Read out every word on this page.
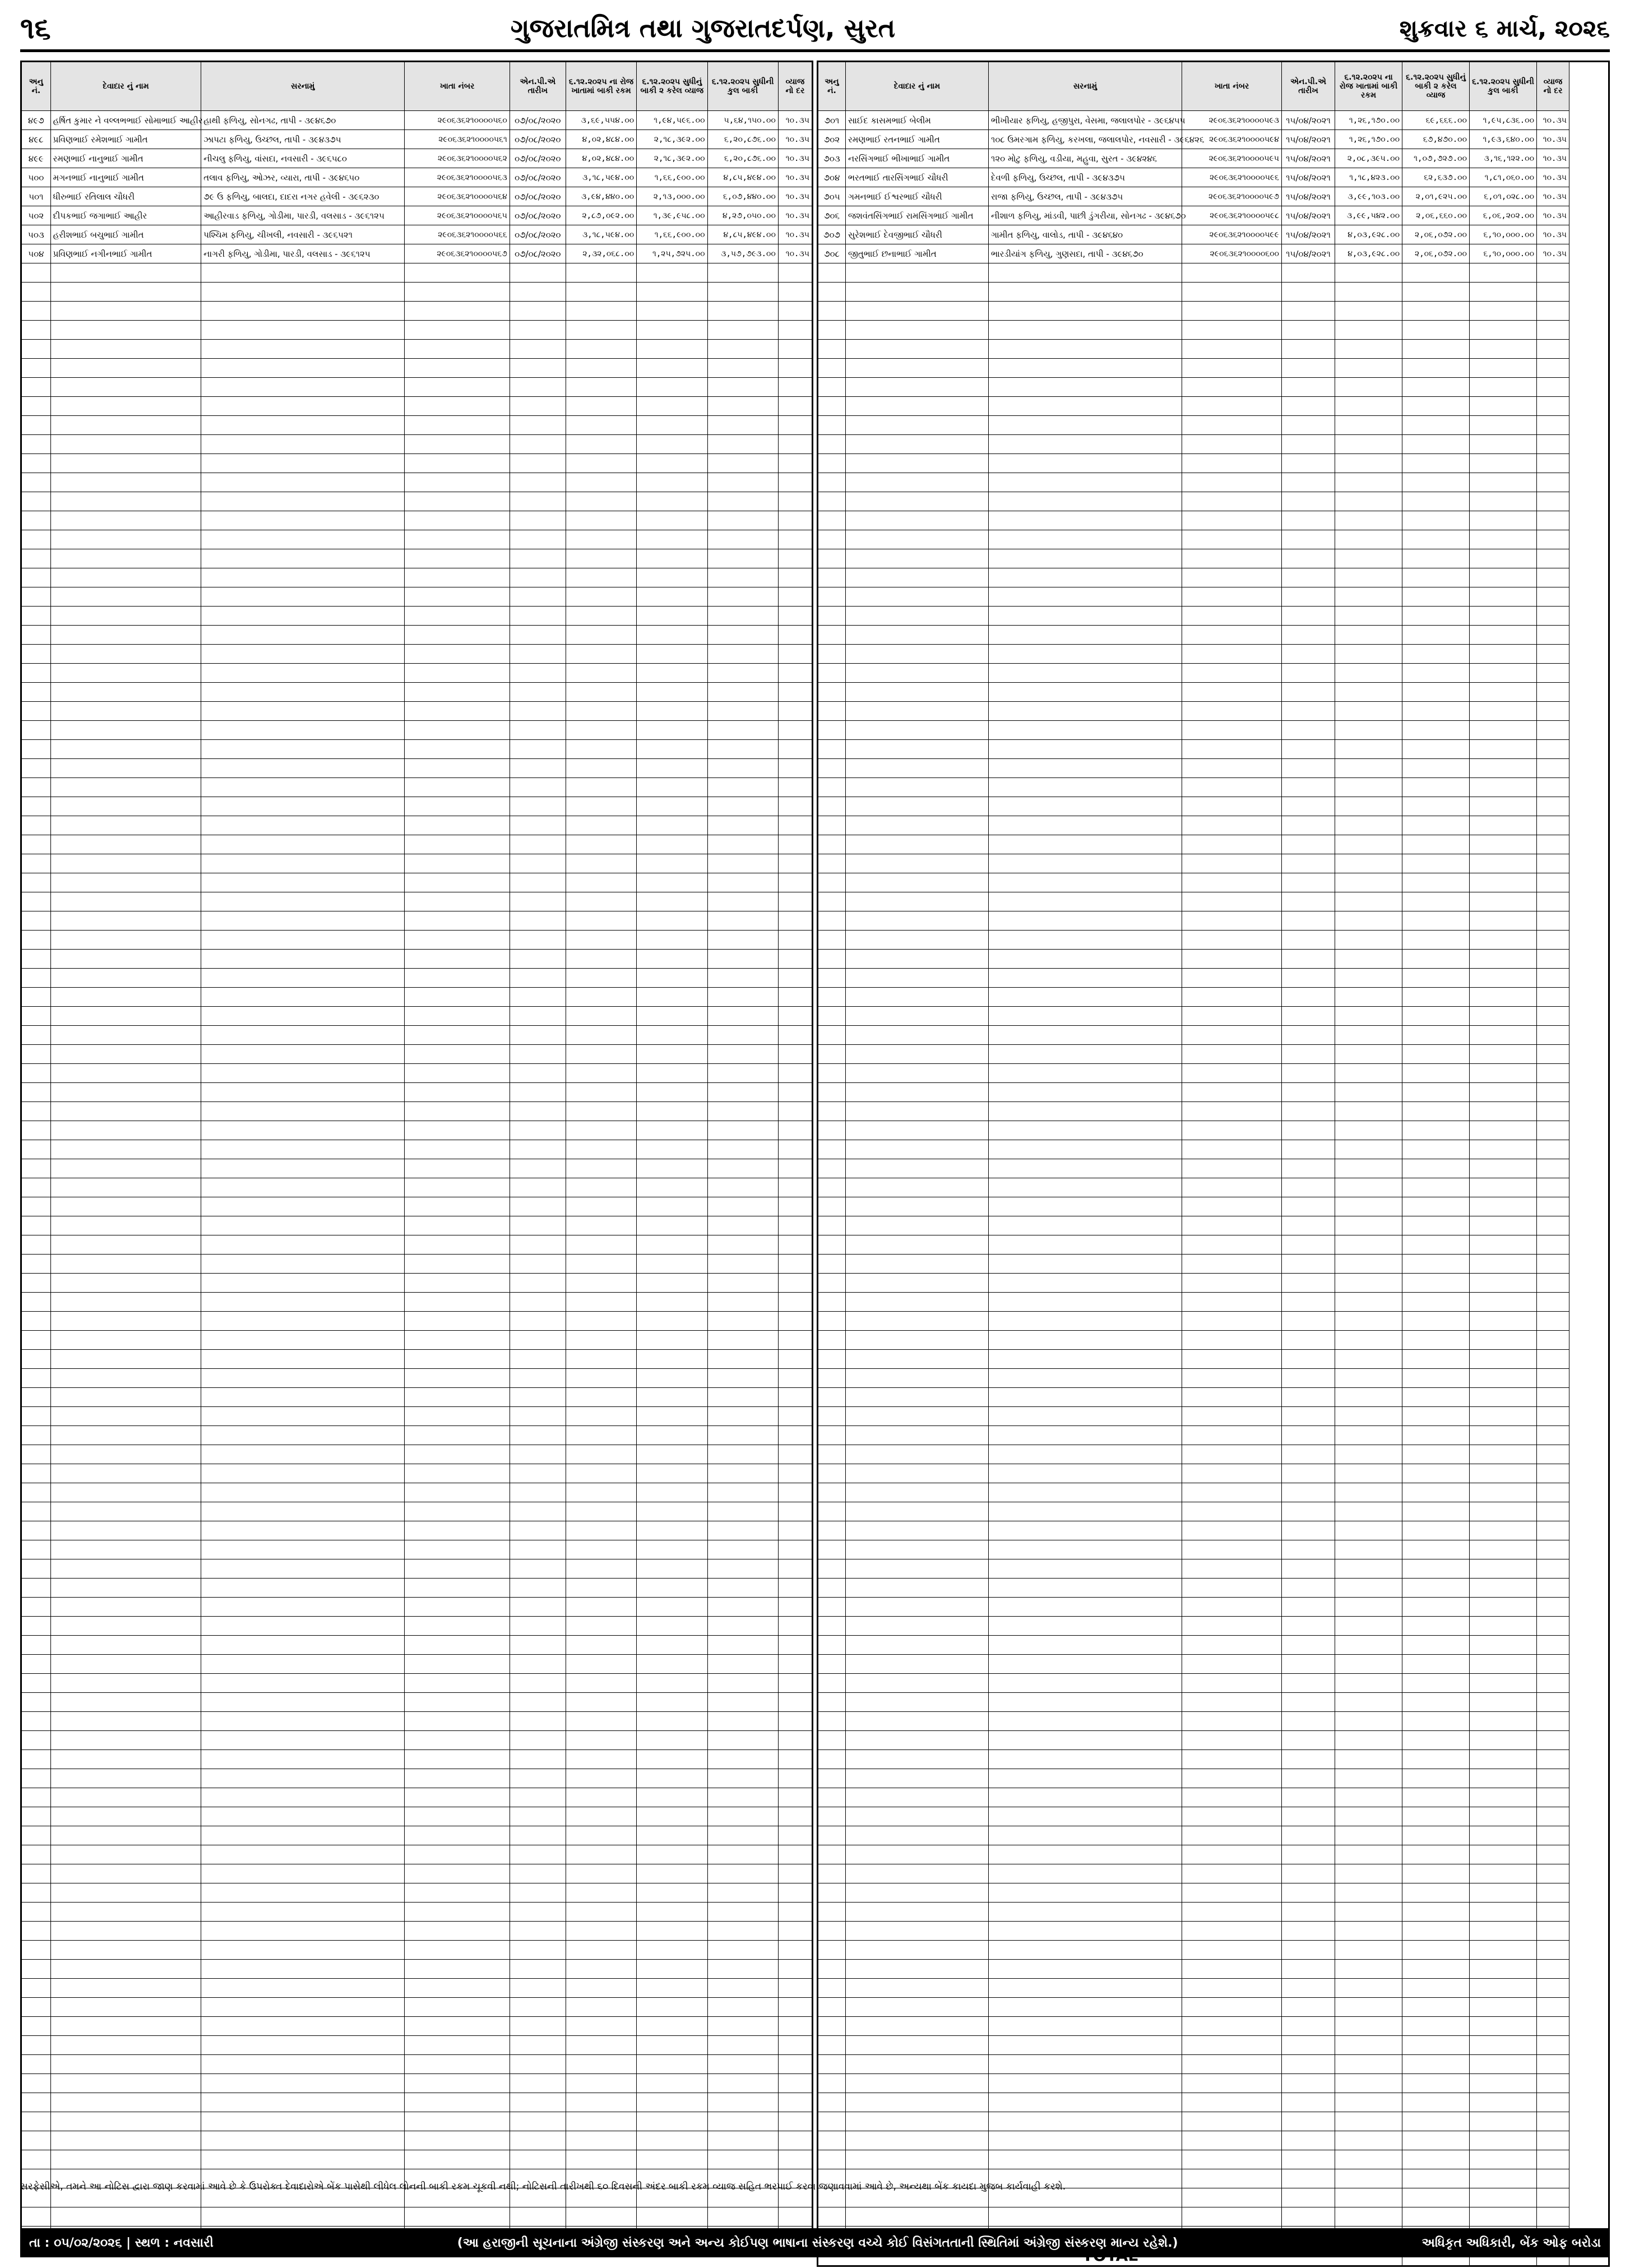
૧૬	ગુજરાતમિત્ર તથા ગુજરાતદર્પણ, સુરત	શુક્રવાર ૬ માર્ચ, ૨૦૨૬
અનુ નં.	દેવાદાર નું નામ	સરનામું	ખાતા નંબર	એન.પી.એ તારીખ	૬.૧૨.૨૦૨૫ ના રોજ ખાતામાં બાકી રકમ	૬.૧૨.૨૦૨૫ સુધીનું બાકી ૨ કરેલ વ્યાજ	૬.૧૨.૨૦૨૫ સુધીની કુલ બાકી	વ્યાજ નો દર
૪૯૭	હર્ષિત કુમાર ને વલ્લભભાઈ સોમાભાઈ આહીર	હાથી ફળિયુ, સોનગઢ, તાપી - ૩૯૪૬૭૦	૨૯૦૬૩૬૨૧૦૦૦૦૫૬૦	૦૭/૦૮/૨૦૨૦	૩,૬૯,૫૫૪.૦૦	૧,૯૪,૫૯૬.૦૦	૫,૬૪,૧૫૦.૦૦	૧૦.૩૫
૪૯૮	પ્રવિણભાઈ રમેશભાઈ ગામીત	ઝાપટા ફળિયુ, ઉચ્છલ, તાપી - ૩૯૪૩૭૫	૨૯૦૬૩૬૨૧૦૦૦૦૫૬૧	૦૭/૦૮/૨૦૨૦	૪,૦૨,૪૮૪.૦૦	૨,૧૮,૩૯૨.૦૦	૬,૨૦,૮૭૬.૦૦	૧૦.૩૫
૪૯૯	રમણભાઈ નાનુભાઈ ગામીત	નીચલુ ફળિયુ, વાંસદા, નવસારી - ૩૯૬૫૮૦	૨૯૦૬૩૬૨૧૦૦૦૦૫૬૨	૦૭/૦૮/૨૦૨૦	૪,૦૨,૪૮૪.૦૦	૨,૧૮,૩૯૨.૦૦	૬,૨૦,૮૭૬.૦૦	૧૦.૩૫
૫૦૦	મગનભાઈ નાનુભાઈ ગામીત	તલાવ ફળિયુ, ઓઝર, વ્યારા, તાપી - ૩૯૪૬૫૦	૨૯૦૬૩૬૨૧૦૦૦૦૫૬૩	૦૭/૦૮/૨૦૨૦	૩,૧૮,૫૯૪.૦૦	૧,૬૬,૯૦૦.૦૦	૪,૮૫,૪૯૪.૦૦	૧૦.૩૫
૫૦૧	ધીરુભાઈ રતિલાલ ચૌધરી	૭૯ ઉ ફળિયુ, બાલદા, દાદરા નગર હવેલી - ૩૯૬૨૩૦	૨૯૦૬૩૬૨૧૦૦૦૦૫૬૪	૦૭/૦૮/૨૦૨૦	૩,૯૪,૪૪૦.૦૦	૨,૧૩,૦૦૦.૦૦	૬,૦૭,૪૪૦.૦૦	૧૦.૩૫
૫૦૨	દીપકભાઈ જગાભાઈ આહીર	આહીરવાડ ફળિયુ, ગોડીમા, પારડી, વલસાડ - ૩૯૬૧૨૫	૨૯૦૬૩૬૨૧૦૦૦૦૫૬૫	૦૭/૦૮/૨૦૨૦	૨,૮૭,૦૯૨.૦૦	૧,૩૯,૯૫૮.૦૦	૪,૨૭,૦૫૦.૦૦	૧૦.૩૫
૫૦૩	હરીશભાઈ બચુભાઈ ગામીત	પશ્ચિમ ફળિયુ, ચીખલી, નવસારી - ૩૯૬૫૨૧	૨૯૦૬૩૬૨૧૦૦૦૦૫૬૬	૦૭/૦૮/૨૦૨૦	૩,૧૮,૫૯૪.૦૦	૧,૬૬,૯૦૦.૦૦	૪,૮૫,૪૯૪.૦૦	૧૦.૩૫
૫૦૪	પ્રવિણભાઈ નગીનભાઈ ગામીત	નાગરી ફળિયુ, ગોડીમા, પારડી, વલસાડ - ૩૯૬૧૨૫	૨૯૦૬૩૬૨૧૦૦૦૦૫૬૭	૦૭/૦૮/૨૦૨૦	૨,૩૨,૦૬૮.૦૦	૧,૨૫,૭૨૫.૦૦	૩,૫૭,૭૯૩.૦૦	૧૦.૩૫

અનુ નં.	દેવાદાર નું નામ	સરનામું	ખાતા નંબર	એન.પી.એ તારીખ	૬.૧૨.૨૦૨૫ ના રોજ ખાતામાં બાકી રકમ	૬.૧૨.૨૦૨૫ સુધીનું બાકી ૨ કરેલ વ્યાજ	૬.૧૨.૨૦૨૫ સુધીની કુલ બાકી	વ્યાજ નો દર	
૭૦૧	સાઈદ કાસમભાઈ બેલીમ	ભીખીયાર ફળિયુ, હજીપુરા, વેસમા, જલાલપોર - ૩૯૬૪૫૫	૨૯૦૬૩૬૨૧૦૦૦૦૫૯૩	૧૫/૦૪/૨૦૨૧	૧,૨૬,૧૭૦.૦૦	૬૯,૬૬૬.૦૦	૧,૯૫,૮૩૬.૦૦	૧૦.૩૫	
૭૦૨	રમણભાઈ રતનભાઈ ગામીત	૧૦૮ ઉમરગામ ફળિયુ, કરખલા, જલાલપોર, નવસારી - ૩૯૬૪૨૬	૨૯૦૬૩૬૨૧૦૦૦૦૫૯૪	૧૫/૦૪/૨૦૨૧	૧,૨૬,૧૭૦.૦૦	૬૭,૪૭૦.૦૦	૧,૯૩,૬૪૦.૦૦	૧૦.૩૫	
૭૦૩	નરસિંગભાઈ ભીખાભાઈ ગામીત	૧૨૦ મોટુ ફળિયુ, વડીયા, મહુવા, સુરત - ૩૯૪૨૪૬	૨૯૦૬૩૬૨૧૦૦૦૦૫૯૫	૧૫/૦૪/૨૦૨૧	૨,૦૮,૩૯૫.૦૦	૧,૦૭,૭૨૭.૦૦	૩,૧૬,૧૨૨.૦૦	૧૦.૩૫	
૭૦૪	ભરતભાઈ તારસિંગભાઈ ચૌધરી	દેવળી ફળિયુ, ઉચ્છલ, તાપી - ૩૯૪૩૭૫	૨૯૦૬૩૬૨૧૦૦૦૦૫૯૬	૧૫/૦૪/૨૦૨૧	૧,૧૮,૪૨૩.૦૦	૬૨,૬૩૭.૦૦	૧,૮૧,૦૬૦.૦૦	૧૦.૩૫	
૭૦૫	ગમનભાઈ ઈશ્વરભાઈ ચૌધરી	રાજા ફળિયુ, ઉચ્છલ, તાપી - ૩૯૪૩૭૫	૨૯૦૬૩૬૨૧૦૦૦૦૫૯૭	૧૫/૦૪/૨૦૨૧	૩,૯૯,૧૦૩.૦૦	૨,૦૧,૯૨૫.૦૦	૬,૦૧,૦૨૮.૦૦	૧૦.૩૫	
૭૦૬	જશવંતસિંગભાઈ રામસિંગભાઈ ગામીત	નીશાળ ફળિયુ, માંડવી, પાછી ડુંગરીયા, સોનગઢ - ૩૯૪૬૭૦	૨૯૦૬૩૬૨૧૦૦૦૦૫૯૮	૧૫/૦૪/૨૦૨૧	૩,૯૯,૫૪૨.૦૦	૨,૦૬,૬૬૦.૦૦	૬,૦૬,૨૦૨.૦૦	૧૦.૩૫	
૭૦૭	સુરેશભાઈ દેવજીભાઈ ચૌધરી	ગામીત ફળિયુ, વાલોડ, તાપી - ૩૯૪૬૪૦	૨૯૦૬૩૬૨૧૦૦૦૦૫૯૯	૧૫/૦૪/૨૦૨૧	૪,૦૩,૯૨૮.૦૦	૨,૦૬,૦૭૨.૦૦	૬,૧૦,૦૦૦.૦૦	૧૦.૩૫	
૭૦૮	જીતુભાઈ છનાભાઈ ગામીત	ભારડીયાંગ ફળિયુ, ગુણસદા, તાપી - ૩૯૪૬૭૦	૨૯૦૬૩૬૨૧૦૦૦૦૬૦૦	૧૫/૦૪/૨૦૨૧	૪,૦૩,૯૨૮.૦૦	૨,૦૬,૦૭૨.૦૦	૬,૧૦,૦૦૦.૦૦	૧૦.૩૫	

સરફેસીએ, તમને આ નોટિસ દ્વારા જાણ કરવામાં આવે છે કે ઉપરોક્ત દેવાદારોએ બેંક પાસેથી લીધેલ લોનની બાકી રકમ ચૂકવી નથી; નોટિસની તારીખથી ૬૦ દિવસની અંદર બાકી રકમ વ્યાજ સહિત ભરપાઈ કરવા જણાવવામાં આવે છે, અન્યથા બેંક કાયદા મુજબ કાર્યવાહી કરશે.
તા : ૦૫/૦૨/૨૦૨૬ | સ્થળ : નવસારી	(આ હરાજીની સૂચનાના અંગ્રેજી સંસ્કરણ અને અન્ય કોઈપણ ભાષાના સંસ્કરણ વચ્ચે કોઈ વિસંગતતાની સ્થિતિમાં અંગ્રેજી સંસ્કરણ માન્ય રહેશે.)	અધિકૃત અધિકારી, બેંક ઓફ બરોડા
